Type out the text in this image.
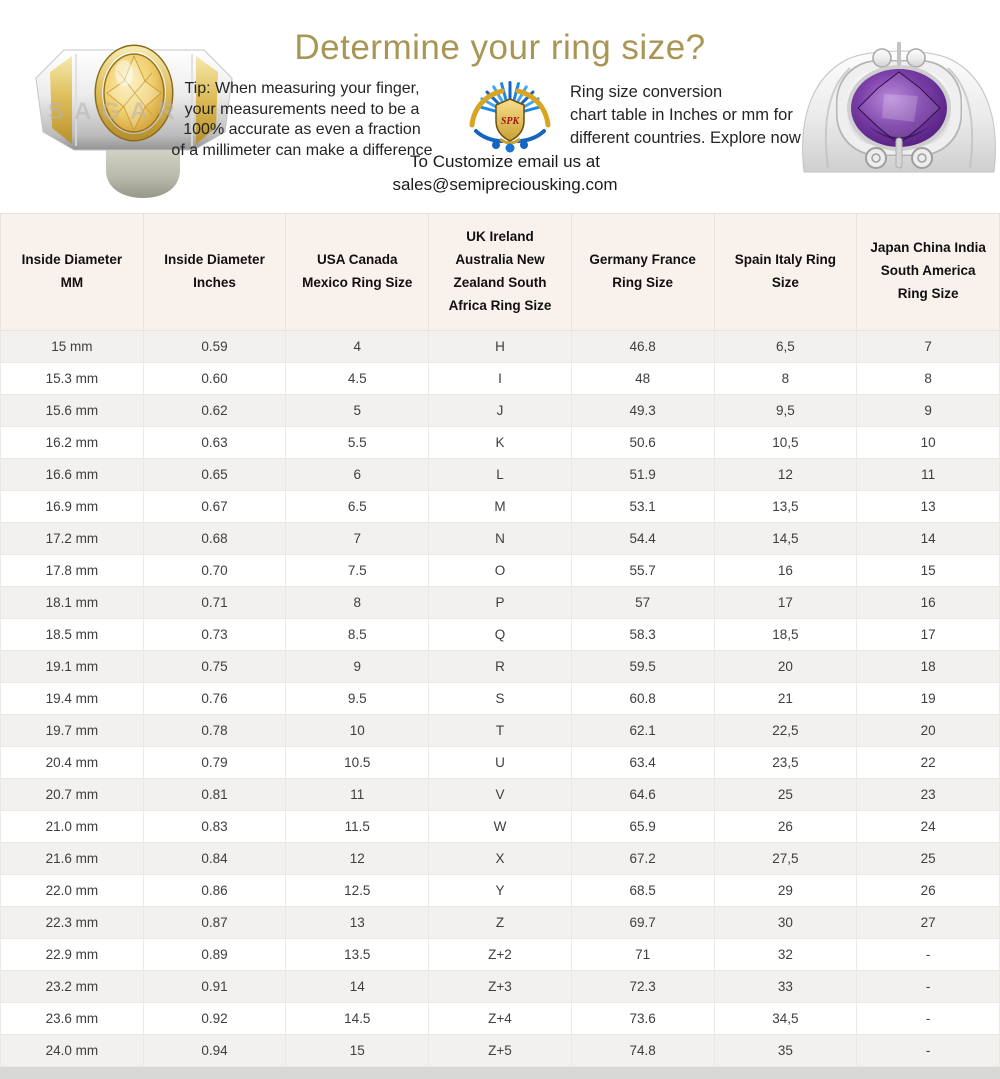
SAGAR
Determine your ring size?
Tip: When measuring your finger,
your measurements need to be a
100% accurate as even a fraction
of a millimeter can make a difference
SPK
Ring size conversion
chart table in Inches or mm for
different countries. Explore now
To Customize email us at
sales@semipreciousking.com
Inside Diameter MM	Inside Diameter Inches	USA Canada Mexico Ring Size	UK Ireland Australia New Zealand South Africa Ring Size	Germany France Ring Size	Spain Italy Ring Size	Japan China India South America Ring Size
15 mm	0.59	4	H	46.8	6,5	7
15.3 mm	0.60	4.5	I	48	8	8
15.6 mm	0.62	5	J	49.3	9,5	9
16.2 mm	0.63	5.5	K	50.6	10,5	10
16.6 mm	0.65	6	L	51.9	12	11
16.9 mm	0.67	6.5	M	53.1	13,5	13
17.2 mm	0.68	7	N	54.4	14,5	14
17.8 mm	0.70	7.5	O	55.7	16	15
18.1 mm	0.71	8	P	57	17	16
18.5 mm	0.73	8.5	Q	58.3	18,5	17
19.1 mm	0.75	9	R	59.5	20	18
19.4 mm	0.76	9.5	S	60.8	21	19
19.7 mm	0.78	10	T	62.1	22,5	20
20.4 mm	0.79	10.5	U	63.4	23,5	22
20.7 mm	0.81	11	V	64.6	25	23
21.0 mm	0.83	11.5	W	65.9	26	24
21.6 mm	0.84	12	X	67.2	27,5	25
22.0 mm	0.86	12.5	Y	68.5	29	26
22.3 mm	0.87	13	Z	69.7	30	27
22.9 mm	0.89	13.5	Z+2	71	32	-
23.2 mm	0.91	14	Z+3	72.3	33	-
23.6 mm	0.92	14.5	Z+4	73.6	34,5	-
24.0 mm	0.94	15	Z+5	74.8	35	-
